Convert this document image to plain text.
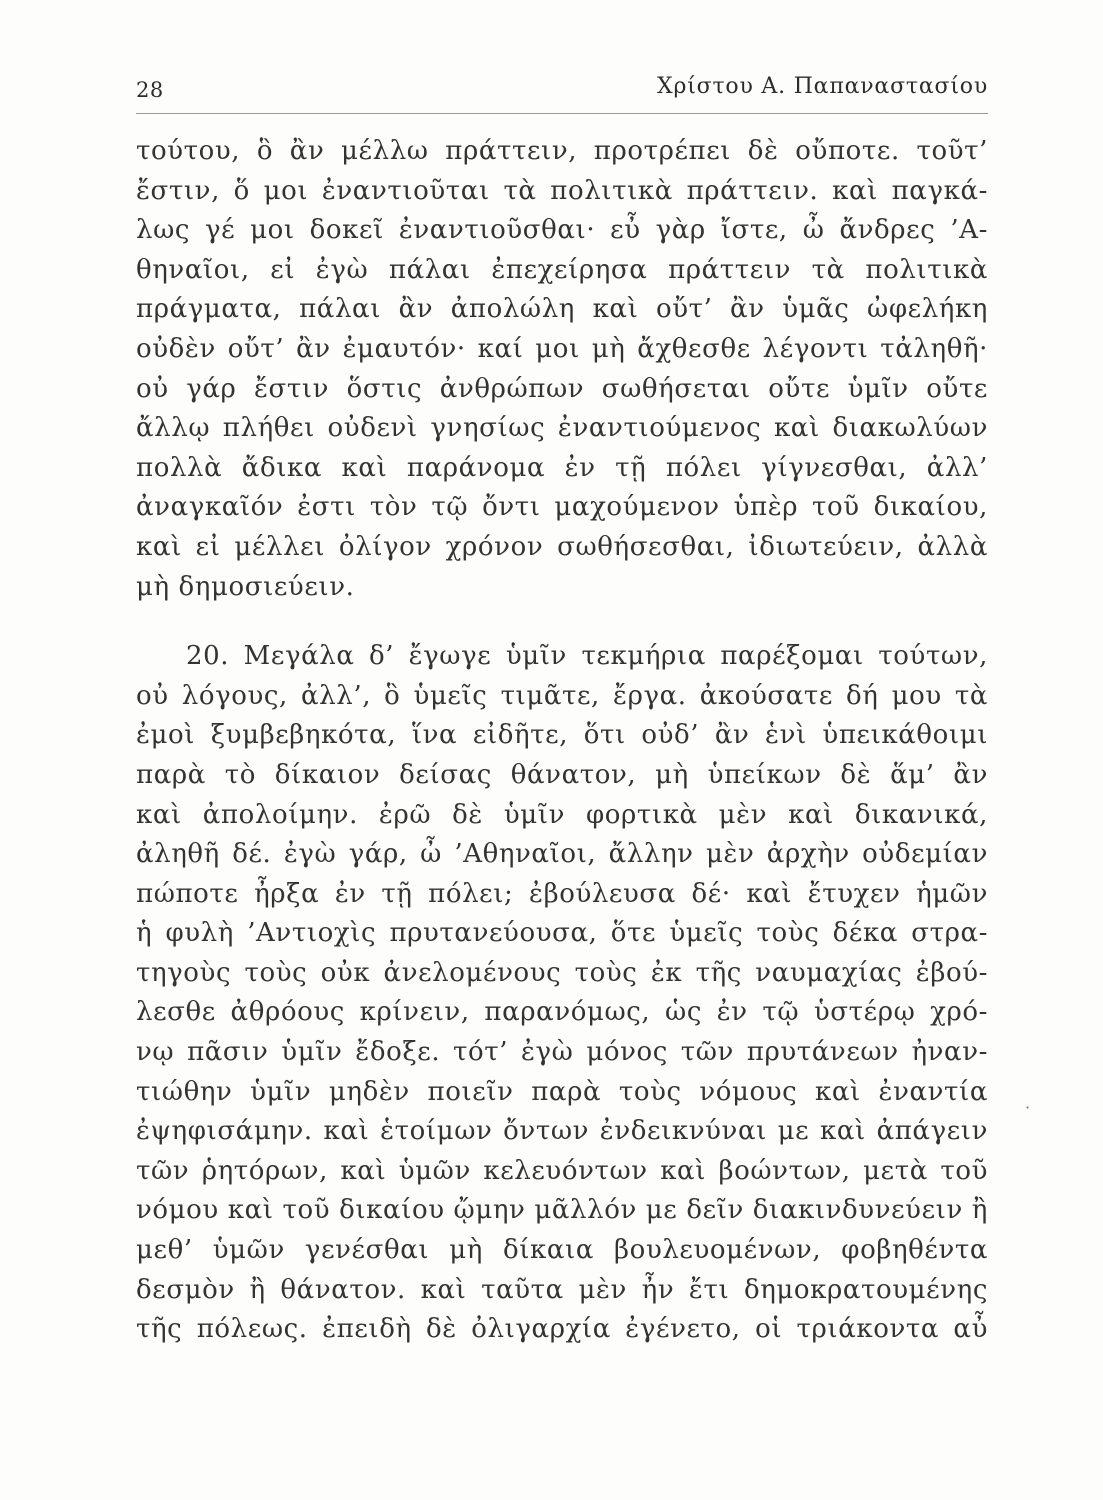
28	Χρίστου Α. Παπαναστασίου
τούτου, ὃ ἂν μέλλω πράττειν, προτρέπει δὲ οὔποτε. τοῦτ’
ἔστιν, ὅ μοι ἐναντιοῦται τὰ πολιτικὰ πράττειν. καὶ παγκά-
λως γέ μοι δοκεῖ ἐναντιοῦσθαι· εὖ γὰρ ἴστε, ὦ ἄνδρες ’Α-
θηναῖοι, εἰ ἐγὼ πάλαι ἐπεχείρησα πράττειν τὰ πολιτικὰ
πράγματα, πάλαι ἂν ἀπολώλη καὶ οὔτ’ ἂν ὑμᾶς ὠφελήκη
οὐδὲν οὔτ’ ἂν ἐμαυτόν· καί μοι μὴ ἄχθεσθε λέγοντι τἀληθῆ·
οὐ γάρ ἔστιν ὅστις ἀνθρώπων σωθήσεται οὔτε ὑμῖν οὔτε
ἄλλῳ πλήθει οὐδενὶ γνησίως ἐναντιούμενος καὶ διακωλύων
πολλὰ ἄδικα καὶ παράνομα ἐν τῇ πόλει γίγνεσθαι, ἀλλ’
ἀναγκαῖόν ἐστι τὸν τῷ ὄντι μαχούμενον ὑπὲρ τοῦ δικαίου,
καὶ εἰ μέλλει ὀλίγον χρόνον σωθήσεσθαι, ἰδιωτεύειν, ἀλλὰ
μὴ δημοσιεύειν.
20. Μεγάλα δ’ ἔγωγε ὑμῖν τεκμήρια παρέξομαι τούτων,
οὐ λόγους, ἀλλ’, ὃ ὑμεῖς τιμᾶτε, ἔργα. ἀκούσατε δή μου τὰ
ἐμοὶ ξυμβεβηκότα, ἵνα εἰδῆτε, ὅτι οὐδ’ ἂν ἑνὶ ὑπεικάθοιμι
παρὰ τὸ δίκαιον δείσας θάνατον, μὴ ὑπείκων δὲ ἅμ’ ἂν
καὶ ἀπολοίμην. ἐρῶ δὲ ὑμῖν φορτικὰ μὲν καὶ δικανικά,
ἀληθῆ δέ. ἐγὼ γάρ, ὦ ’Αθηναῖοι, ἄλλην μὲν ἀρχὴν οὐδεμίαν
πώποτε ἦρξα ἐν τῇ πόλει; ἐβούλευσα δέ· καὶ ἔτυχεν ἡμῶν
ἡ φυλὴ ’Αντιοχὶς πρυτανεύουσα, ὅτε ὑμεῖς τοὺς δέκα στρα-
τηγοὺς τοὺς οὐκ ἀνελομένους τοὺς ἐκ τῆς ναυμαχίας ἐβού-
λεσθε ἀθρόους κρίνειν, παρανόμως, ὡς ἐν τῷ ὑστέρῳ χρό-
νῳ πᾶσιν ὑμῖν ἔδοξε. τότ’ ἐγὼ μόνος τῶν πρυτάνεων ἠναν-
τιώθην ὑμῖν μηδὲν ποιεῖν παρὰ τοὺς νόμους καὶ ἐναντία
ἐψηφισάμην. καὶ ἑτοίμων ὄντων ἐνδεικνύναι με καὶ ἀπάγειν
τῶν ῥητόρων, καὶ ὑμῶν κελευόντων καὶ βοώντων, μετὰ τοῦ
νόμου καὶ τοῦ δικαίου ᾤμην μᾶλλόν με δεῖν διακινδυνεύειν ἢ
μεθ’ ὑμῶν γενέσθαι μὴ δίκαια βουλευομένων, φοβηθέντα
δεσμὸν ἢ θάνατον. καὶ ταῦτα μὲν ἦν ἔτι δημοκρατουμένης
τῆς πόλεως. ἐπειδὴ δὲ ὀλιγαρχία ἐγένετο, οἱ τριάκοντα αὖ
·
